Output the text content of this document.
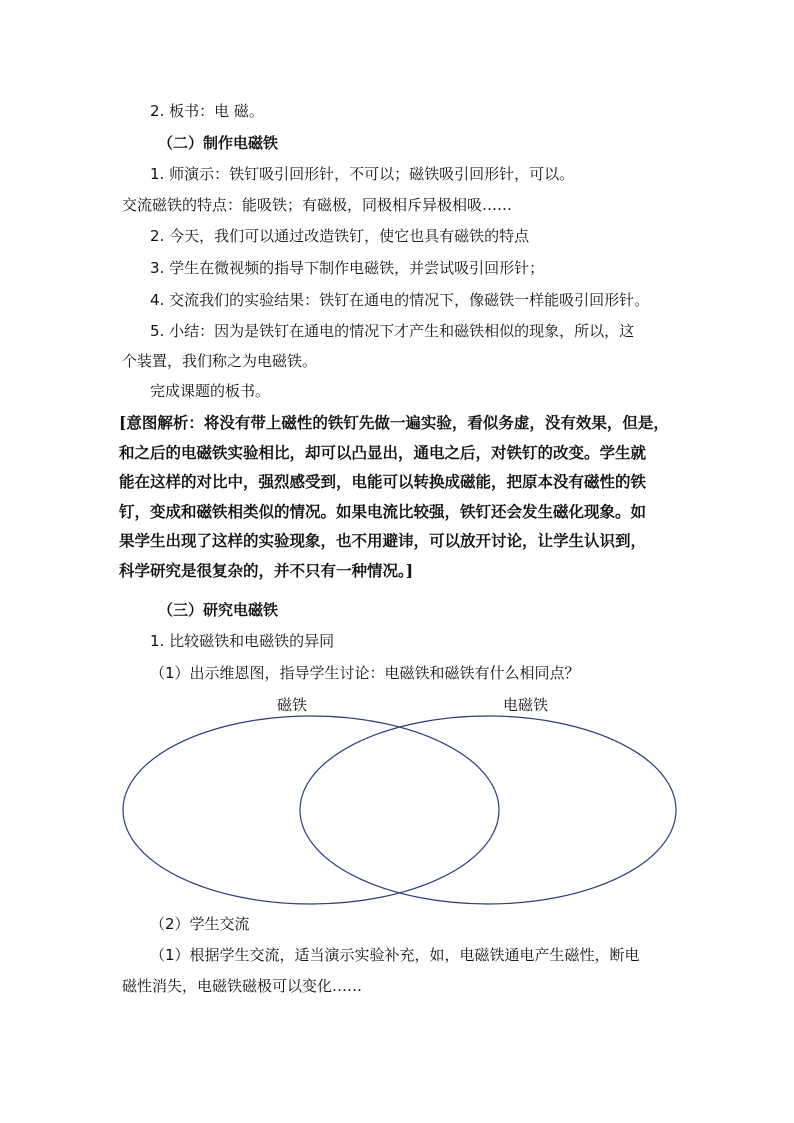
2. 板书：电 磁。
（二）制作电磁铁
1. 师演示：铁钉吸引回形针，不可以；磁铁吸引回形针，可以。
交流磁铁的特点：能吸铁；有磁极，同极相斥异极相吸……
2. 今天，我们可以通过改造铁钉，使它也具有磁铁的特点
3. 学生在微视频的指导下制作电磁铁，并尝试吸引回形针；
4. 交流我们的实验结果：铁钉在通电的情况下，像磁铁一样能吸引回形针。
5. 小结：因为是铁钉在通电的情况下才产生和磁铁相似的现象，所以，这
个装置，我们称之为电磁铁。
完成课题的板书。

[意图解析：将没有带上磁性的铁钉先做一遍实验，看似务虚，没有效果，但是，

和之后的电磁铁实验相比，却可以凸显出，通电之后，对铁钉的改变。学生就

能在这样的对比中，强烈感受到，电能可以转换成磁能，把原本没有磁性的铁

钉，变成和磁铁相类似的情况。如果电流比较强，铁钉还会发生磁化现象。如

果学生出现了这样的实验现象，也不用避讳，可以放开讨论，让学生认识到，

科学研究是很复杂的，并不只有一种情况。]

（三）研究电磁铁
1. 比较磁铁和电磁铁的异同
（1）出示维恩图，指导学生讨论：电磁铁和磁铁有什么相同点？
磁铁	电磁铁
（2）学生交流
（1）根据学生交流，适当演示实验补充，如，电磁铁通电产生磁性，断电
磁性消失，电磁铁磁极可以变化……
